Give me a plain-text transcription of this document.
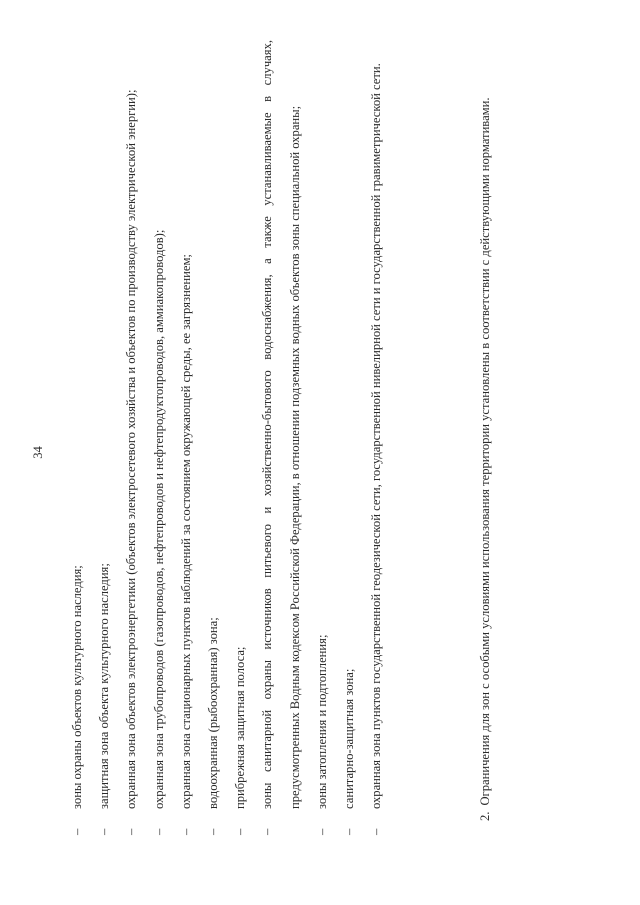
34
–
зоны охраны объектов культурного наследия;
–
защитная зона объекта культурного наследия;
–
охранная зона объектов электроэнергетики (объектов электросетевого хозяйства и объектов по производству электрической энергии);
–
охранная зона трубопроводов (газопроводов, нефтепроводов и нефтепродуктопроводов, аммиакопроводов);
–
охранная зона стационарных пунктов наблюдений за состоянием окружающей среды, ее загрязнением;
–
водоохранная (рыбоохранная) зона;
–
прибрежная защитная полоса;
–
зоны санитарной охраны источников питьевого и хозяйственно-бытового водоснабжения, а также устанавливаемые в случаях, предусмотренных Водным кодексом Российской Федерации, в отношении подземных водных объектов зоны специальной охраны;
–
зоны затопления и подтопления;
–
санитарно-защитная зона;
–
охранная зона пунктов государственной геодезической сети, государственной нивелирной сети и государственной гравиметрической сети.

2.Ограничения для зон с особыми условиями использования территории установлены в соответствии с действующими нормативами.
